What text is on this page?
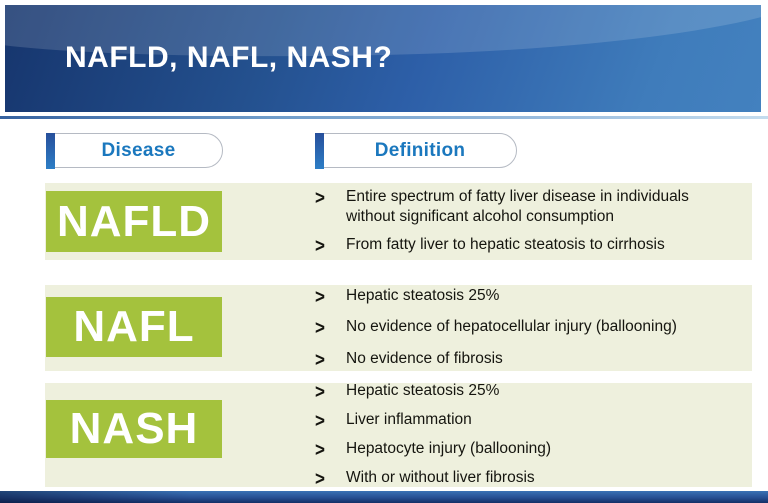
NAFLD, NAFL, NASH?
Disease	Definition
NAFLD	>	Entire spectrum of fatty liver disease in individuals without significant alcohol consumption
>	From fatty liver to hepatic steatosis to cirrhosis
NAFL
>	Hepatic steatosis 25%
>	No evidence of hepatocellular injury (ballooning)
>	No evidence of fibrosis
NASH
>	Hepatic steatosis 25%
>	Liver inflammation
>	Hepatocyte injury (ballooning)
>	With or without liver fibrosis
